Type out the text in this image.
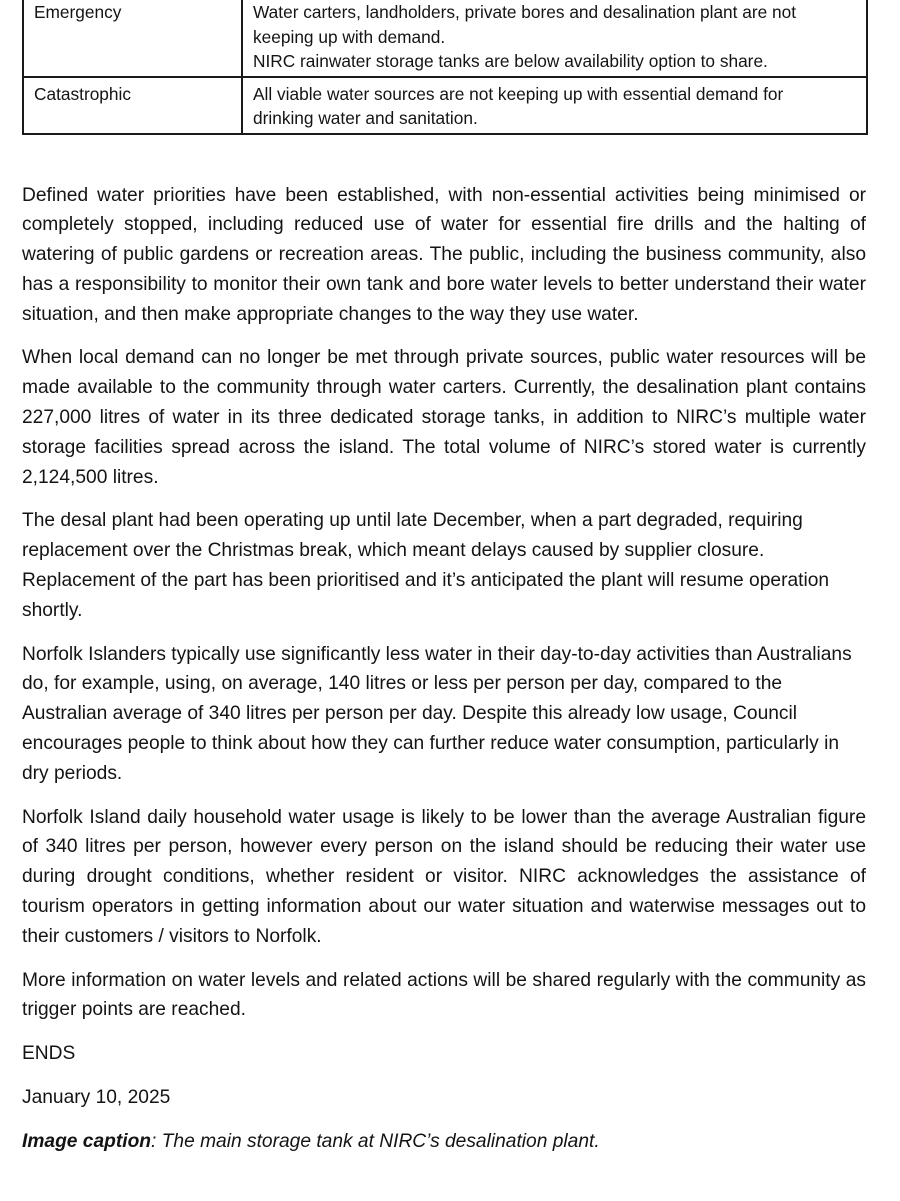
Emergency	Water carters, landholders, private bores and desalination plant are not
keeping up with demand.
NIRC rainwater storage tanks are below availability option to share.

Catastrophic	All viable water sources are not keeping up with essential demand for
drinking water and sanitation.

Defined water priorities have been established, with non-essential activities being minimised or completely stopped, including reduced use of water for essential fire drills and the halting of watering of public gardens or recreation areas. The public, including the business community, also has a responsibility to monitor their own tank and bore water levels to better understand their water situation, and then make appropriate changes to the way they use water.

When local demand can no longer be met through private sources, public water resources will be made available to the community through water carters. Currently, the desalination plant contains 227,000 litres of water in its three dedicated storage tanks, in addition to NIRC’s multiple water storage facilities spread across the island. The total volume of NIRC’s stored water is currently 2,124,500 litres.

The desal plant had been operating up until late December, when a part degraded, requiring replacement over the Christmas break, which meant delays caused by supplier closure. Replacement of the part has been prioritised and it’s anticipated the plant will resume operation shortly.

Norfolk Islanders typically use significantly less water in their day-to-day activities than Australians do, for example, using, on average, 140 litres or less per person per day, compared to the Australian average of 340 litres per person per day. Despite this already low usage, Council encourages people to think about how they can further reduce water consumption, particularly in dry periods.

Norfolk Island daily household water usage is likely to be lower than the average Australian figure of 340 litres per person, however every person on the island should be reducing their water use during drought conditions, whether resident or visitor. NIRC acknowledges the assistance of tourism operators in getting information about our water situation and waterwise messages out to their customers / visitors to Norfolk.

More information on water levels and related actions will be shared regularly with the community as trigger points are reached.

ENDS

January 10, 2025

Image caption: The main storage tank at NIRC’s desalination plant.
